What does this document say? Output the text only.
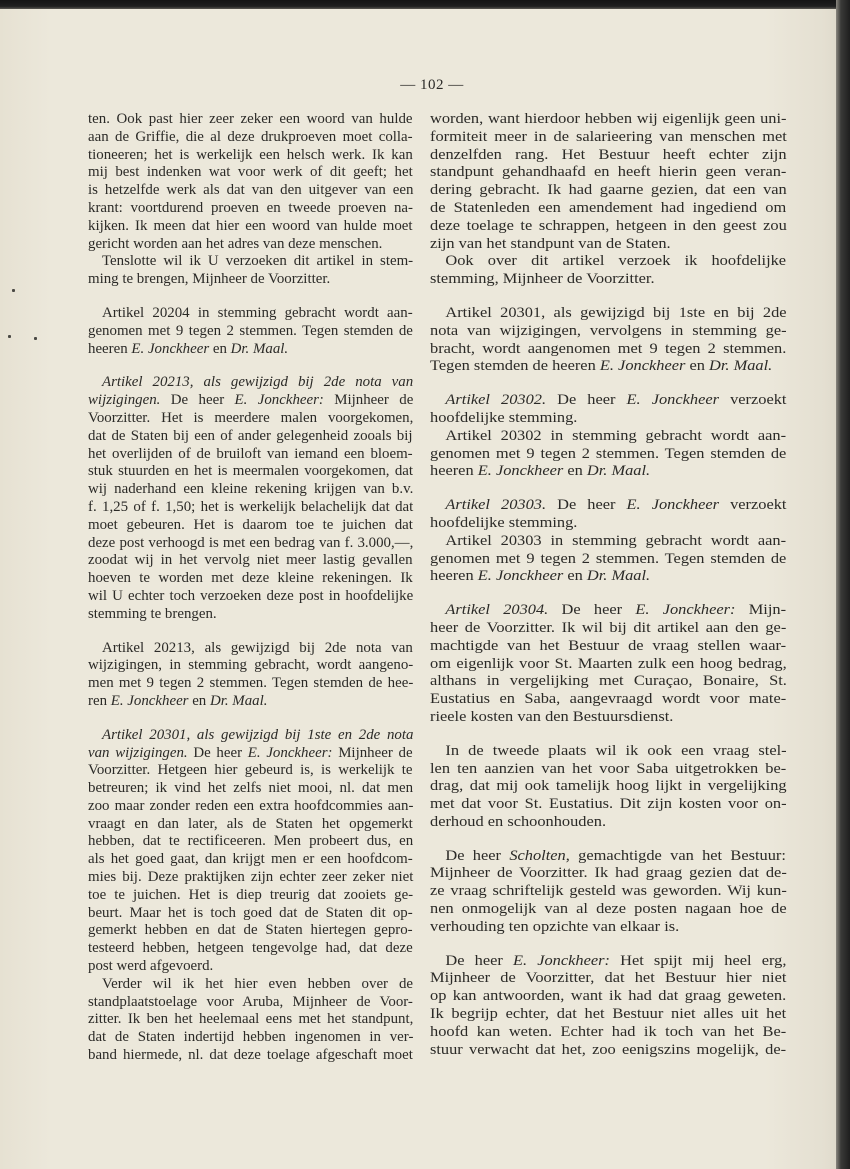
— 102 —
ten. Ook past hier zeer zeker een woord van hulde
aan de Griffie, die al deze drukproeven moet colla-
tioneeren; het is werkelijk een helsch werk. Ik kan
mij best indenken wat voor werk of dit geeft; het
is hetzelfde werk als dat van den uitgever van een
krant: voortdurend proeven en tweede proeven na-
kijken. Ik meen dat hier een woord van hulde moet
gericht worden aan het adres van deze menschen.
Tenslotte wil ik U verzoeken dit artikel in stem-
ming te brengen, Mijnheer de Voorzitter.
Artikel 20204 in stemming gebracht wordt aan-
genomen met 9 tegen 2 stemmen. Tegen stemden de
heeren E. Jonckheer en Dr. Maal.
Artikel 20213, als gewijzigd bij 2de nota van
wijzigingen. De heer E. Jonckheer: Mijnheer de
Voorzitter. Het is meerdere malen voorgekomen,
dat de Staten bij een of ander gelegenheid zooals bij
het overlijden of de bruiloft van iemand een bloem-
stuk stuurden en het is meermalen voorgekomen, dat
wij naderhand een kleine rekening krijgen van b.v.
f. 1,25 of f. 1,50; het is werkelijk belachelijk dat dat
moet gebeuren. Het is daarom toe te juichen dat
deze post verhoogd is met een bedrag van f. 3.000,—,
zoodat wij in het vervolg niet meer lastig gevallen
hoeven te worden met deze kleine rekeningen. Ik
wil U echter toch verzoeken deze post in hoofdelijke
stemming te brengen.
Artikel 20213, als gewijzigd bij 2de nota van
wijzigingen, in stemming gebracht, wordt aangeno-
men met 9 tegen 2 stemmen. Tegen stemden de hee-
ren E. Jonckheer en Dr. Maal.
Artikel 20301, als gewijzigd bij 1ste en 2de nota
van wijzigingen. De heer E. Jonckheer: Mijnheer de
Voorzitter. Hetgeen hier gebeurd is, is werkelijk te
betreuren; ik vind het zelfs niet mooi, nl. dat men
zoo maar zonder reden een extra hoofdcommies aan-
vraagt en dan later, als de Staten het opgemerkt
hebben, dat te rectificeeren. Men probeert dus, en
als het goed gaat, dan krijgt men er een hoofdcom-
mies bij. Deze praktijken zijn echter zeer zeker niet
toe te juichen. Het is diep treurig dat zooiets ge-
beurt. Maar het is toch goed dat de Staten dit op-
gemerkt hebben en dat de Staten hiertegen gepro-
testeerd hebben, hetgeen tengevolge had, dat deze
post werd afgevoerd.
Verder wil ik het hier even hebben over de
standplaatstoelage voor Aruba, Mijnheer de Voor-
zitter. Ik ben het heelemaal eens met het standpunt,
dat de Staten indertijd hebben ingenomen in ver-
band hiermede, nl. dat deze toelage afgeschaft moet
worden, want hierdoor hebben wij eigenlijk geen uni-
formiteit meer in de salarieering van menschen met
denzelfden rang. Het Bestuur heeft echter zijn
standpunt gehandhaafd en heeft hierin geen veran-
dering gebracht. Ik had gaarne gezien, dat een van
de Statenleden een amendement had ingediend om
deze toelage te schrappen, hetgeen in den geest zou
zijn van het standpunt van de Staten.
Ook over dit artikel verzoek ik hoofdelijke
stemming, Mijnheer de Voorzitter.
Artikel 20301, als gewijzigd bij 1ste en bij 2de
nota van wijzigingen, vervolgens in stemming ge-
bracht, wordt aangenomen met 9 tegen 2 stemmen.
Tegen stemden de heeren E. Jonckheer en Dr. Maal.
Artikel 20302. De heer E. Jonckheer verzoekt
hoofdelijke stemming.
Artikel 20302 in stemming gebracht wordt aan-
genomen met 9 tegen 2 stemmen. Tegen stemden de
heeren E. Jonckheer en Dr. Maal.
Artikel 20303. De heer E. Jonckheer verzoekt
hoofdelijke stemming.
Artikel 20303 in stemming gebracht wordt aan-
genomen met 9 tegen 2 stemmen. Tegen stemden de
heeren E. Jonckheer en Dr. Maal.
Artikel 20304. De heer E. Jonckheer: Mijn-
heer de Voorzitter. Ik wil bij dit artikel aan den ge-
machtigde van het Bestuur de vraag stellen waar-
om eigenlijk voor St. Maarten zulk een hoog bedrag,
althans in vergelijking met Curaçao, Bonaire, St.
Eustatius en Saba, aangevraagd wordt voor mate-
rieele kosten van den Bestuursdienst.
In de tweede plaats wil ik ook een vraag stel-
len ten aanzien van het voor Saba uitgetrokken be-
drag, dat mij ook tamelijk hoog lijkt in vergelijking
met dat voor St. Eustatius. Dit zijn kosten voor on-
derhoud en schoonhouden.
De heer Scholten, gemachtigde van het Bestuur:
Mijnheer de Voorzitter. Ik had graag gezien dat de-
ze vraag schriftelijk gesteld was geworden. Wij kun-
nen onmogelijk van al deze posten nagaan hoe de
verhouding ten opzichte van elkaar is.
De heer E. Jonckheer: Het spijt mij heel erg,
Mijnheer de Voorzitter, dat het Bestuur hier niet
op kan antwoorden, want ik had dat graag geweten.
Ik begrijp echter, dat het Bestuur niet alles uit het
hoofd kan weten. Echter had ik toch van het Be-
stuur verwacht dat het, zoo eenigszins mogelijk, de-
